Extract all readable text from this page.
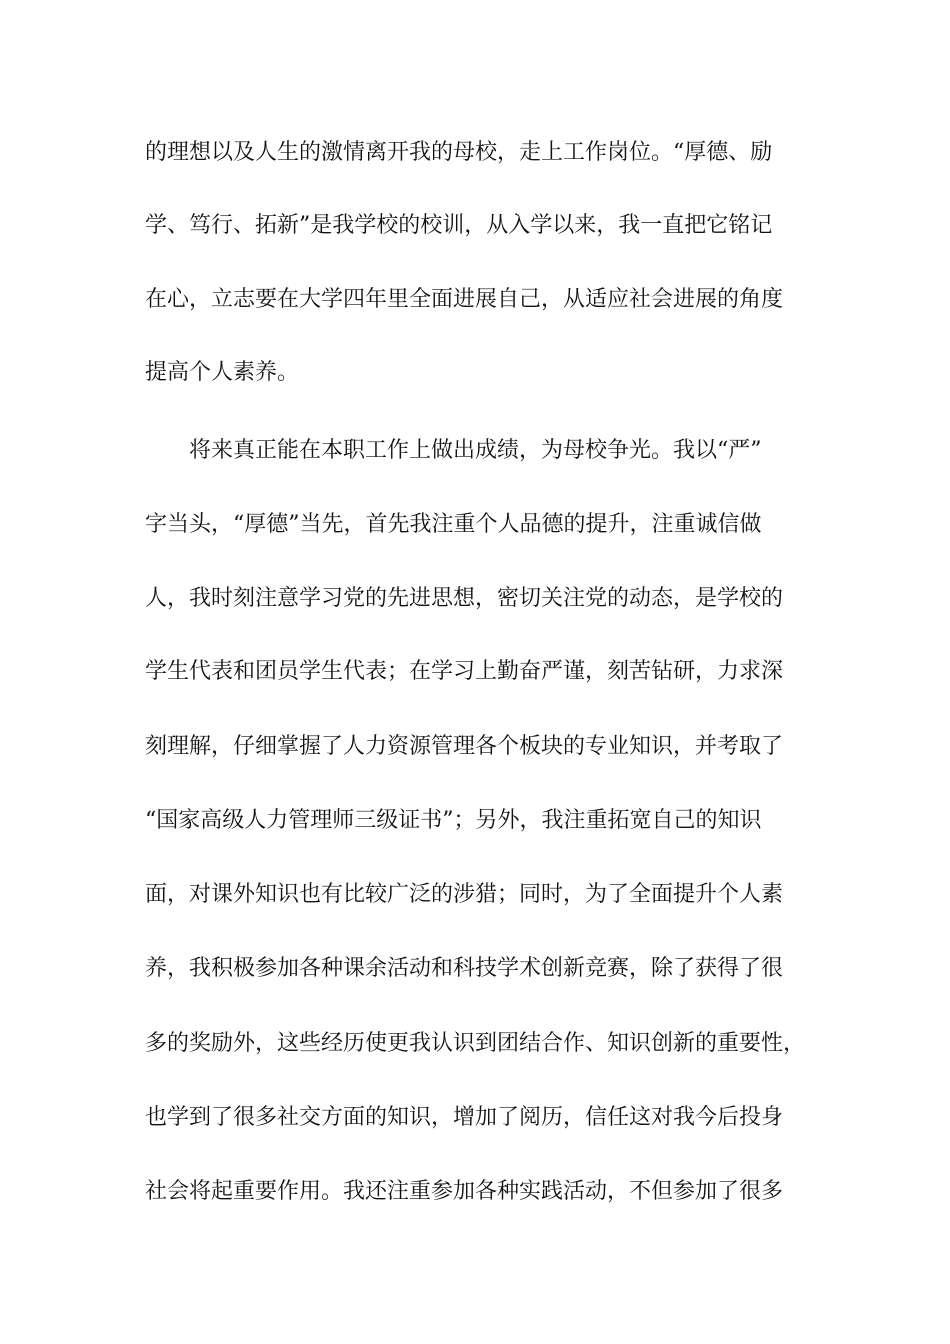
的理想以及人生的激情离开我的母校，走上工作岗位。“厚德、励

学、笃行、拓新”是我学校的校训，从入学以来，我一直把它铭记

在心，立志要在大学四年里全面进展自己，从适应社会进展的角度

提高个人素养。

将来真正能在本职工作上做出成绩，为母校争光。我以“严”

字当头，“厚德”当先，首先我注重个人品德的提升，注重诚信做

人，我时刻注意学习党的先进思想，密切关注党的动态，是学校的

学生代表和团员学生代表；在学习上勤奋严谨，刻苦钻研，力求深

刻理解，仔细掌握了人力资源管理各个板块的专业知识，并考取了

“国家高级人力管理师三级证书”；另外，我注重拓宽自己的知识

面，对课外知识也有比较广泛的涉猎；同时，为了全面提升个人素

养，我积极参加各种课余活动和科技学术创新竞赛，除了获得了很

多的奖励外，这些经历使更我认识到团结合作、知识创新的重要性，

也学到了很多社交方面的知识，增加了阅历，信任这对我今后投身

社会将起重要作用。我还注重参加各种实践活动，不但参加了很多
